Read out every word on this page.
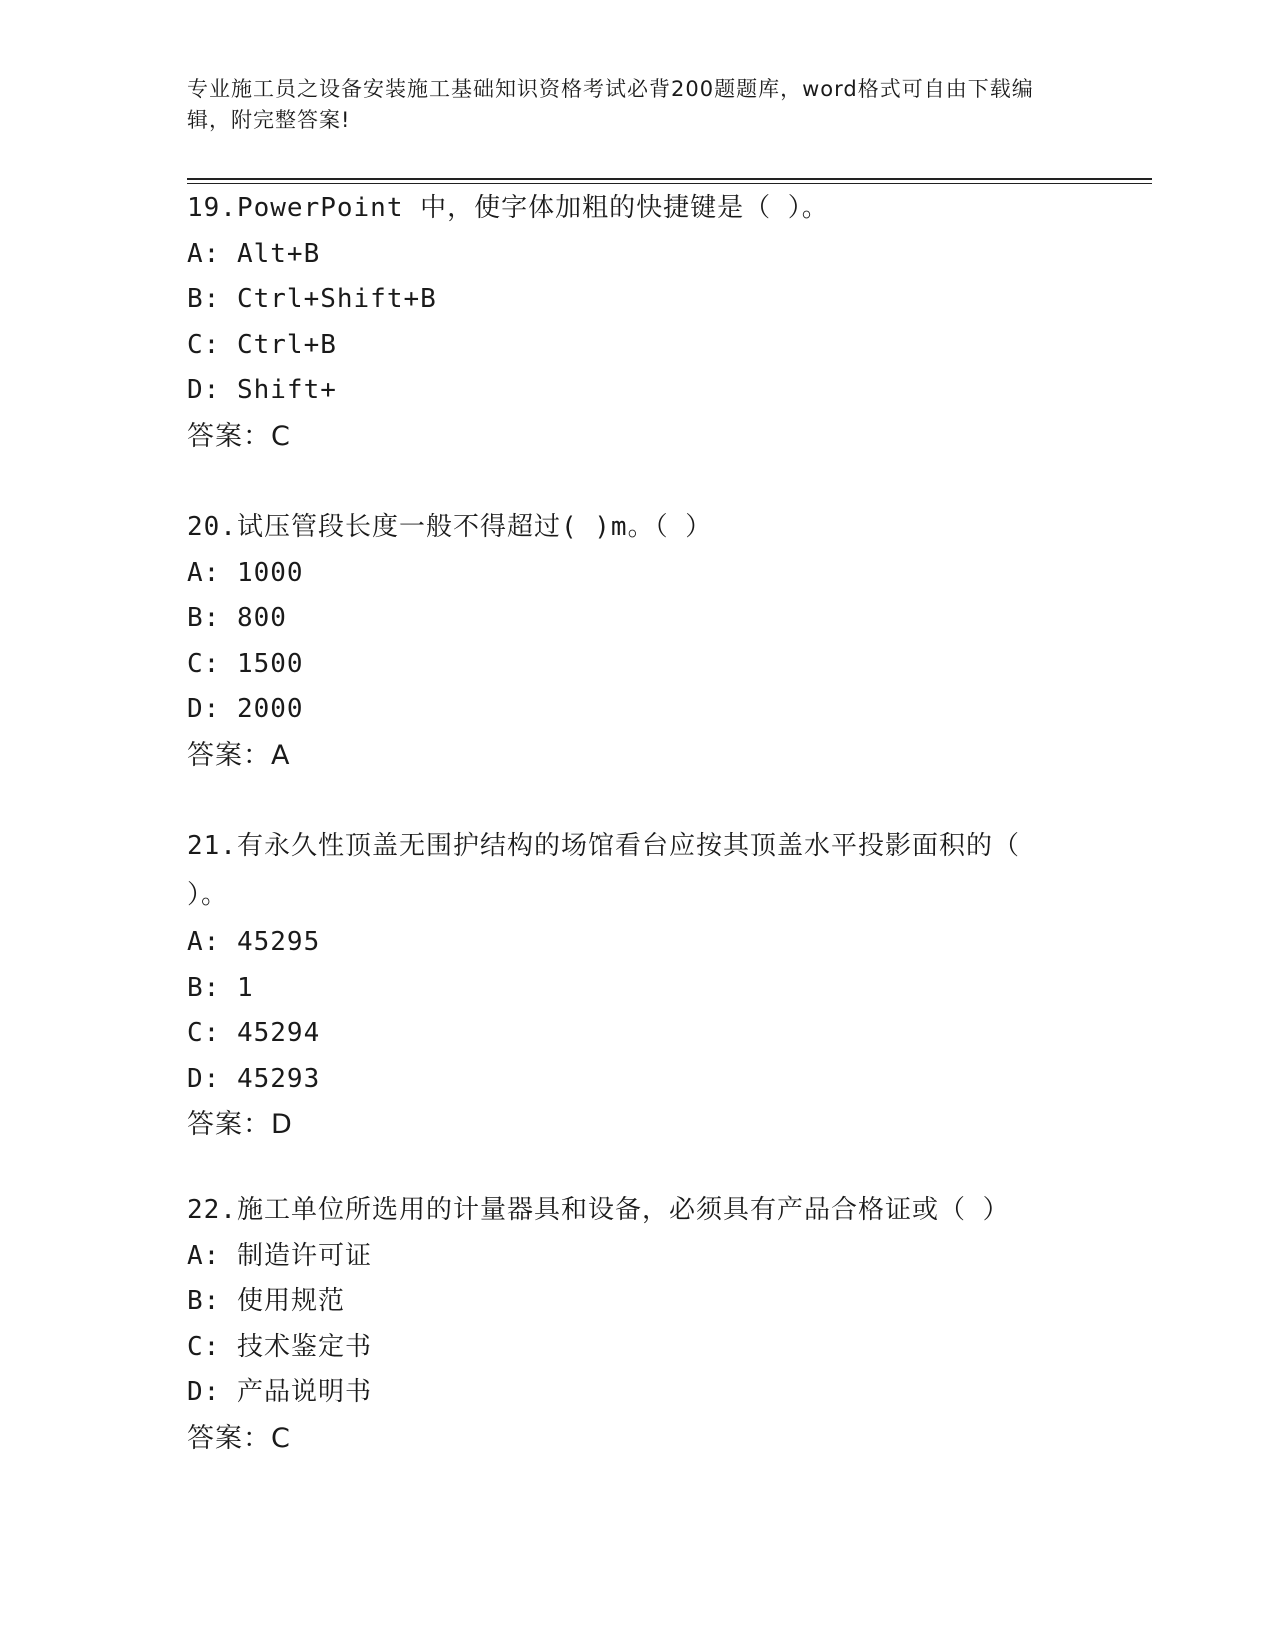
专业施工员之设备安装施工基础知识资格考试必背200题题库，word格式可自由下载编辑，附完整答案!
19.PowerPoint 中，使字体加粗的快捷键是（ ）。
A: Alt+B
B: Ctrl+Shift+B
C: Ctrl+B
D: Shift+
答案：C
20.试压管段长度一般不得超过( )m。（ ）
A: 1000
B: 800
C: 1500
D: 2000
答案：A
21.有永久性顶盖无围护结构的场馆看台应按其顶盖水平投影面积的（ ）。
A: 45295
B: 1
C: 45294
D: 45293
答案：D
22.施工单位所选用的计量器具和设备，必须具有产品合格证或（ ）
A: 制造许可证
B: 使用规范
C: 技术鉴定书
D: 产品说明书
答案：C
